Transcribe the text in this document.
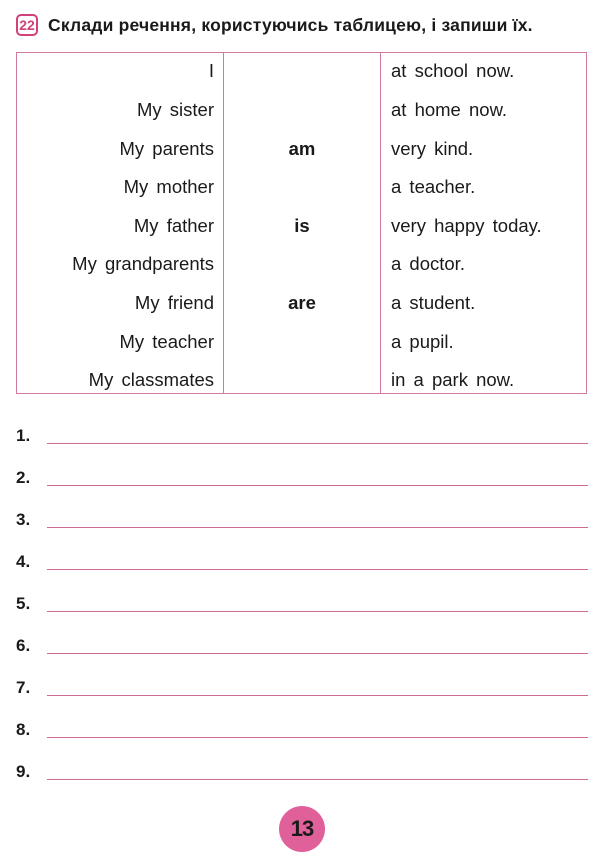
22 Склади речення, користуючись таблицею, і запиши їх.
I
My sister
My parents
My mother
My father
My grandparents
My friend
My teacher
My classmates
am
is
are
at school now.
at home now.
very kind.
a teacher.
very happy today.
a doctor.
a student.
a pupil.
in a park now.
1.
2.
3.
4.
5.
6.
7.
8.
9.
13
